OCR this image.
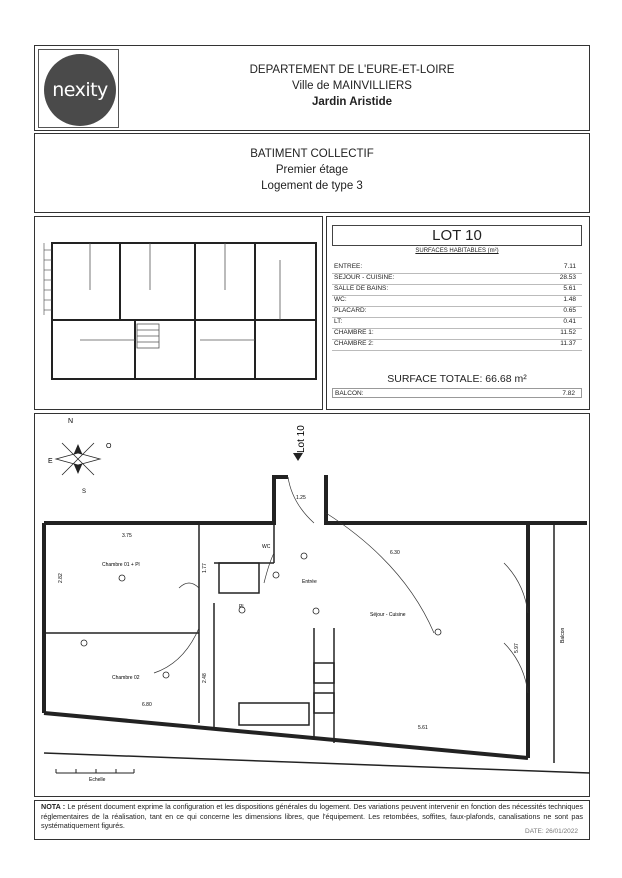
nexity
DEPARTEMENT DE L'EURE-ET-LOIRE
Ville de MAINVILLIERS
Jardin Aristide
BATIMENT COLLECTIF
Premier étage
Logement de type 3
LOT 10
SURFACES HABITABLES (m²)
ENTREE:	7.11
SEJOUR - CUISINE:	28.53
SALLE DE BAINS:	5.61
WC:	1.48
PLACARD:	0.65
LT:	0.41
CHAMBRE 1:	11.52
CHAMBRE 2:	11.37
SURFACE TOTALE: 66.68 m²
BALCON:	7.82
N
E
O
S
Lot 10
Chambre 01 + Pl
Chambre 02
WC
Pl
Entrée
Séjour - Cuisine
Balcon
3.75
6.30
6.80
5.61
1.25
2.82
2.48
5.97
1.77
Echelle
NOTA : Le présent document exprime la configuration et les dispositions générales du logement. Des variations peuvent intervenir en fonction des nécessités techniques réglementaires de la réalisation, tant en ce qui concerne les dimensions libres, que l'équipement. Les retombées, soffites, faux-plafonds, canalisations ne sont pas systématiquement figurés.
DATE: 26/01/2022
